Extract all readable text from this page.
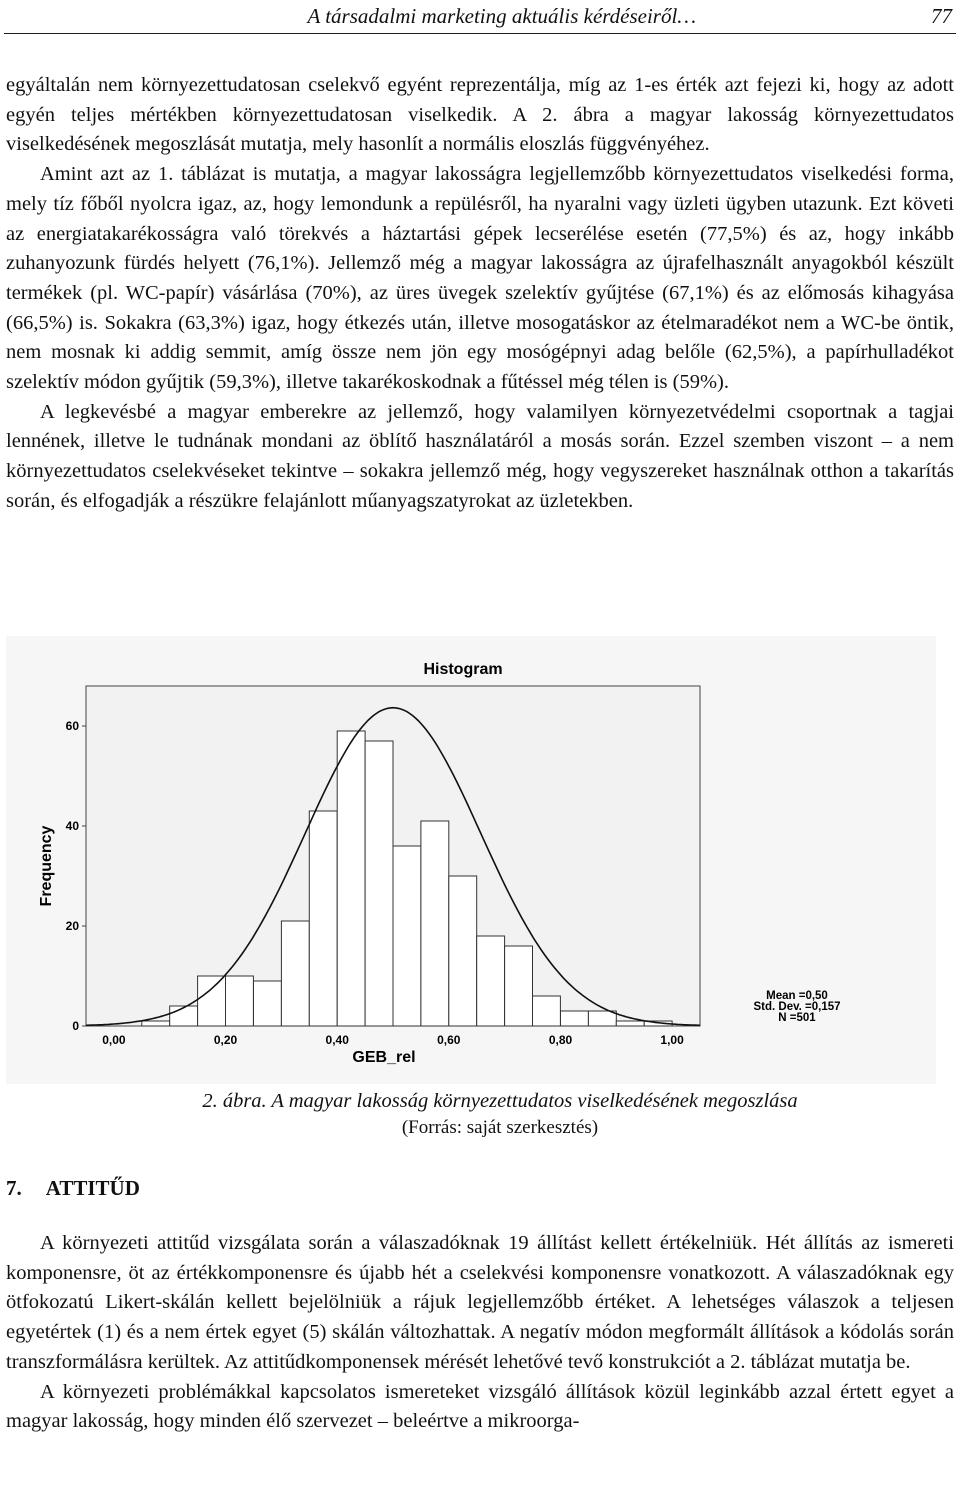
A társadalmi marketing aktuális kérdéseiről…	77

egyáltalán nem környezettudatosan cselekvő egyént reprezentálja, míg az 1-es érték azt fejezi ki, hogy az adott egyén teljes mértékben környezettudatosan viselkedik. A 2. ábra a magyar lakosság környezettudatos viselkedésének megoszlását mutatja, mely hasonlít a normális eloszlás függvényéhez.

Amint azt az 1. táblázat is mutatja, a magyar lakosságra legjellemzőbb környezettudatos viselkedési forma, mely tíz főből nyolcra igaz, az, hogy lemondunk a repülésről, ha nyaralni vagy üzleti ügyben utazunk. Ezt követi az energiatakarékosságra való törekvés a háztartási gépek lecserélése esetén (77,5%) és az, hogy inkább zuhanyozunk fürdés helyett (76,1%). Jellemző még a magyar lakosságra az újrafelhasznált anyagokból készült termékek (pl. WC-papír) vásárlása (70%), az üres üvegek szelektív gyűjtése (67,1%) és az előmosás kihagyása (66,5%) is. Sokakra (63,3%) igaz, hogy étkezés után, illetve mosogatáskor az ételmaradékot nem a WC-be öntik, nem mosnak ki addig semmit, amíg össze nem jön egy mosógépnyi adag belőle (62,5%), a papírhulladékot szelektív módon gyűjtik (59,3%), illetve takarékoskodnak a fűtéssel még télen is (59%).

A legkevésbé a magyar emberekre az jellemző, hogy valamilyen környezetvédelmi csoportnak a tagjai lennének, illetve le tudnának mondani az öblítő használatáról a mosás során. Ezzel szemben viszont – a nem környezettudatos cselekvéseket tekintve – sokakra jellemző még, hogy vegyszereket használnak otthon a takarítás során, és elfogadják a részükre felajánlott műanyagszatyrokat az üzletekben.

Histogram
Frequency
GEB_rel
0,00	0,20	0,40	0,60	0,80	1,00
0
20
40
60
Mean =0,50
Std. Dev. =0,157
N =501
2. ábra. A magyar lakosság környezettudatos viselkedésének megoszlása
(Forrás: saját szerkesztés)
7. ATTITŰD

A környezeti attitűd vizsgálata során a válaszadóknak 19 állítást kellett értékelniük. Hét állítás az ismereti komponensre, öt az értékkomponensre és újabb hét a cselekvési komponensre vonatkozott. A válaszadóknak egy ötfokozatú Likert-skálán kellett bejelölniük a rájuk legjellemzőbb értéket. A lehetséges válaszok a teljesen egyetértek (1) és a nem értek egyet (5) skálán változhattak. A negatív módon megformált állítások a kódolás során transzformálásra kerültek. Az attitűdkomponensek mérését lehetővé tevő konstrukciót a 2. táblázat mutatja be.

A környezeti problémákkal kapcsolatos ismereteket vizsgáló állítások közül leginkább azzal értett egyet a magyar lakosság, hogy minden élő szervezet – beleértve a mikroorga-
